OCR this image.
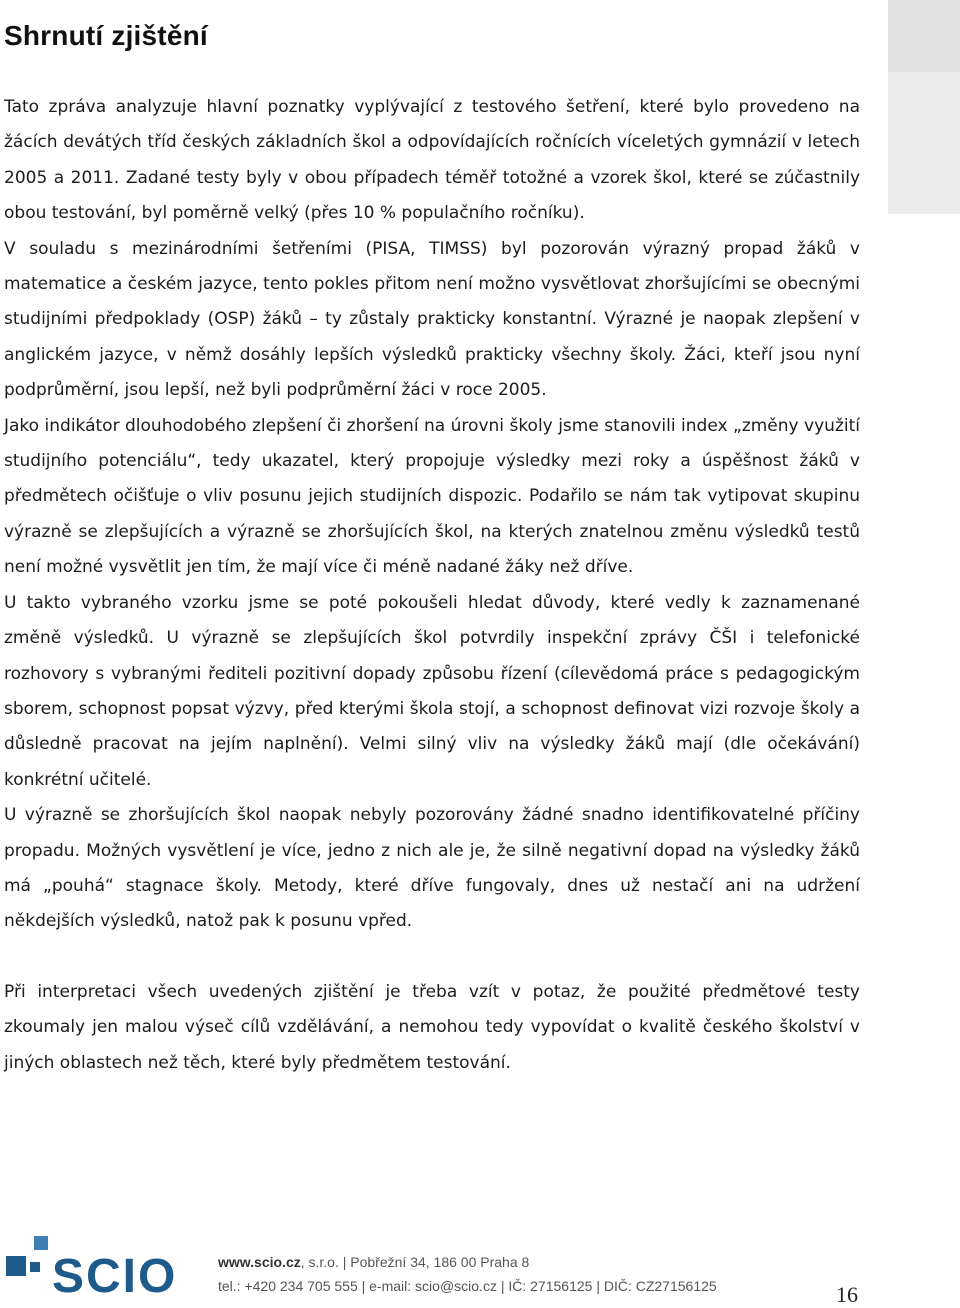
Shrnutí zjištění

Tato zpráva analyzuje hlavní poznatky vyplývající z testového šetření, které bylo provedeno na žácích devátých tříd českých základních škol a odpovídajících ročnících víceletých gymnázií v letech 2005 a 2011. Zadané testy byly v obou případech téměř totožné a vzorek škol, které se zúčastnily obou testování, byl poměrně velký (přes 10 % populačního ročníku).

V souladu s mezinárodními šetřeními (PISA, TIMSS) byl pozorován výrazný propad žáků v matematice a českém jazyce, tento pokles přitom není možno vysvětlovat zhoršujícími se obecnými studijními předpoklady (OSP) žáků – ty zůstaly prakticky konstantní. Výrazné je naopak zlepšení v anglickém jazyce, v němž dosáhly lepších výsledků prakticky všechny školy. Žáci, kteří jsou nyní podprůměrní, jsou lepší, než byli podprůměrní žáci v roce 2005.

Jako indikátor dlouhodobého zlepšení či zhoršení na úrovni školy jsme stanovili index „změny využití studijního potenciálu“, tedy ukazatel, který propojuje výsledky mezi roky a úspěšnost žáků v předmětech očišťuje o vliv posunu jejich studijních dispozic. Podařilo se nám tak vytipovat skupinu výrazně se zlepšujících a výrazně se zhoršujících škol, na kterých znatelnou změnu výsledků testů není možné vysvětlit jen tím, že mají více či méně nadané žáky než dříve.

U takto vybraného vzorku jsme se poté pokoušeli hledat důvody, které vedly k zaznamenané změně výsledků. U výrazně se zlepšujících škol potvrdily inspekční zprávy ČŠI i telefonické rozhovory s vybranými řediteli pozitivní dopady způsobu řízení (cílevědomá práce s pedagogickým sborem, schopnost popsat výzvy, před kterými škola stojí, a schopnost definovat vizi rozvoje školy a důsledně pracovat na jejím naplnění). Velmi silný vliv na výsledky žáků mají (dle očekávání) konkrétní učitelé.

U výrazně se zhoršujících škol naopak nebyly pozorovány žádné snadno identifikovatelné příčiny propadu. Možných vysvětlení je více, jedno z nich ale je, že silně negativní dopad na výsledky žáků má „pouhá“ stagnace školy. Metody, které dříve fungovaly, dnes už nestačí ani na udržení někdejších výsledků, natož pak k posunu vpřed.

Při interpretaci všech uvedených zjištění je třeba vzít v potaz, že použité předmětové testy zkoumaly jen malou výseč cílů vzdělávání, a nemohou tedy vypovídat o kvalitě českého školství v jiných oblastech než těch, které byly předmětem testování.

SCIO	www.scio.cz, s.r.o. | Pobřežní 34, 186 00 Praha 8
tel.: +420 234 705 555 | e-mail: scio@scio.cz | IČ: 27156125 | DIČ: CZ27156125	16
